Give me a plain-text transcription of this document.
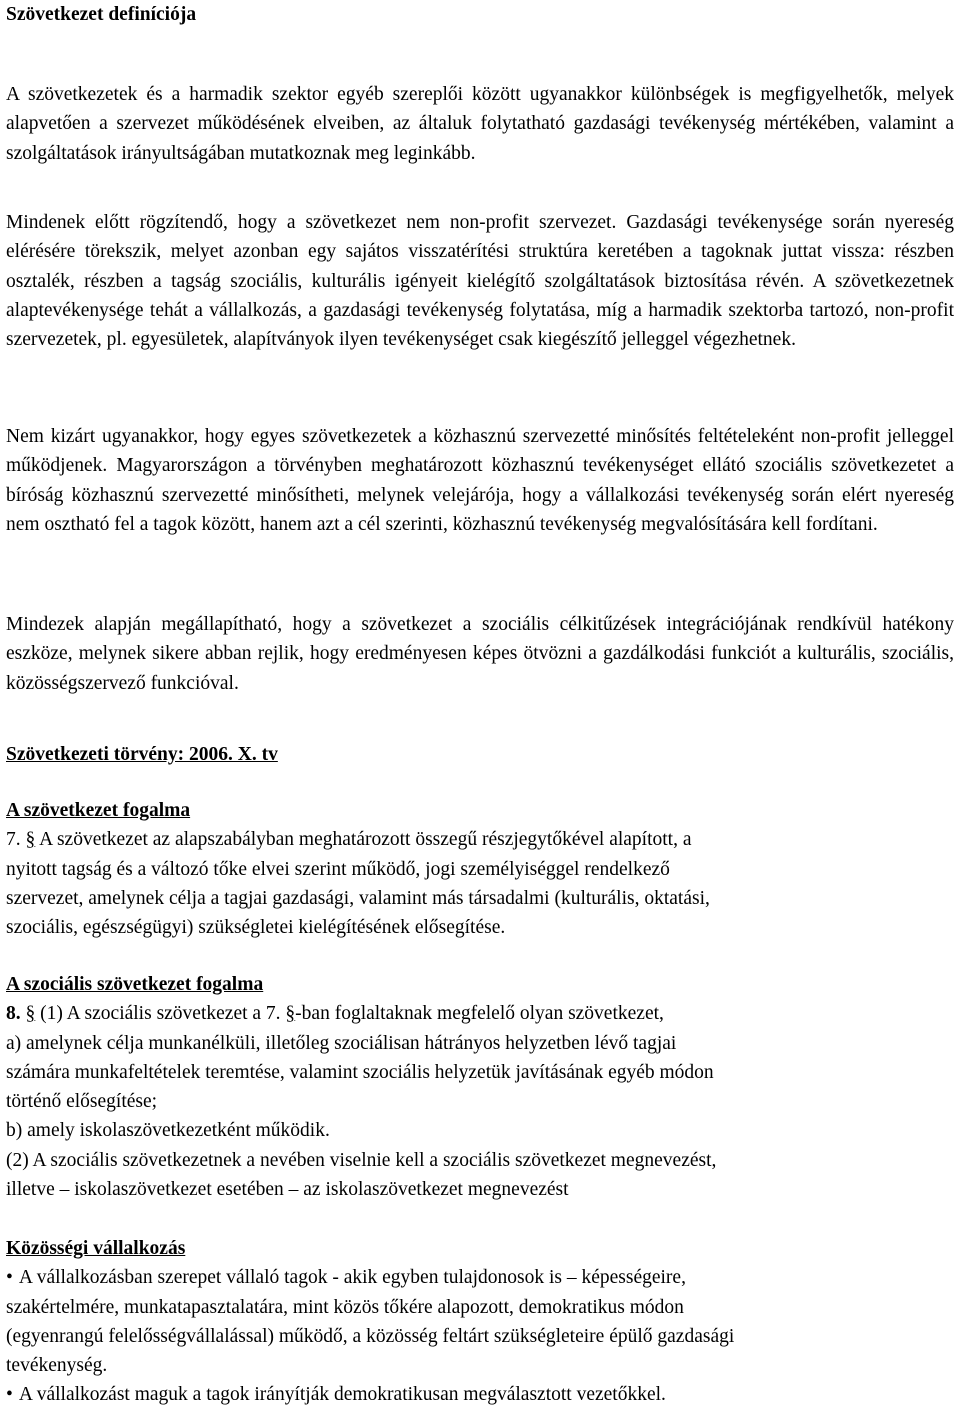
Szövetkezet definíciója

A szövetkezetek és a harmadik szektor egyéb szereplői között ugyanakkor különbségek is megfigyelhetők, melyek alapvetően a szervezet működésének elveiben, az általuk folytatható gazdasági tevékenység mértékében, valamint a szolgáltatások irányultságában mutatkoznak meg leginkább.

Mindenek előtt rögzítendő, hogy a szövetkezet nem non-profit szervezet. Gazdasági tevékenysége során nyereség elérésére törekszik, melyet azonban egy sajátos visszatérítési struktúra keretében a tagoknak juttat vissza: részben osztalék, részben a tagság szociális, kulturális igényeit kielégítő szolgáltatások biztosítása révén. A szövetkezetnek alaptevékenysége tehát a vállalkozás, a gazdasági tevékenység folytatása, míg a harmadik szektorba tartozó, non-profit szervezetek, pl. egyesületek, alapítványok ilyen tevékenységet csak kiegészítő jelleggel végezhetnek.

Nem kizárt ugyanakkor, hogy egyes szövetkezetek a közhasznú szervezetté minősítés feltételeként non-profit jelleggel működjenek. Magyarországon a törvényben meghatározott közhasznú tevékenységet ellátó szociális szövetkezetet a bíróság közhasznú szervezetté minősítheti, melynek velejárója, hogy a vállalkozási tevékenység során elért nyereség nem osztható fel a tagok között, hanem azt a cél szerinti, közhasznú tevékenység megvalósítására kell fordítani.

Mindezek alapján megállapítható, hogy a szövetkezet a szociális célkitűzések integrációjának rendkívül hatékony eszköze, melynek sikere abban rejlik, hogy eredményesen képes ötvözni a gazdálkodási funkciót a kulturális, szociális, közösségszervező funkcióval.

Szövetkezeti törvény: 2006. X. tv
A szövetkezet fogalma
7. § A szövetkezet az alapszabályban meghatározott összegű részjegytőkével alapított, a
nyitott tagság és a változó tőke elvei szerint működő, jogi személyiséggel rendelkező
szervezet, amelynek célja a tagjai gazdasági, valamint más társadalmi (kulturális, oktatási,
szociális, egészségügyi) szükségletei kielégítésének elősegítése.
A szociális szövetkezet fogalma
8. § (1) A szociális szövetkezet a 7. §-ban foglaltaknak megfelelő olyan szövetkezet,
a) amelynek célja munkanélküli, illetőleg szociálisan hátrányos helyzetben lévő tagjai
számára munkafeltételek teremtése, valamint szociális helyzetük javításának egyéb módon
történő elősegítése;
b) amely iskolaszövetkezetként működik.
(2) A szociális szövetkezetnek a nevében viselnie kell a szociális szövetkezet megnevezést,
illetve – iskolaszövetkezet esetében – az iskolaszövetkezet megnevezést
Közösségi vállalkozás
• A vállalkozásban szerepet vállaló tagok - akik egyben tulajdonosok is – képességeire,
szakértelmére, munkatapasztalatára, mint közös tőkére alapozott, demokratikus módon
(egyenrangú felelősségvállalással) működő, a közösség feltárt szükségleteire épülő gazdasági
tevékenység.
• A vállalkozást maguk a tagok irányítják demokratikusan megválasztott vezetőkkel.
